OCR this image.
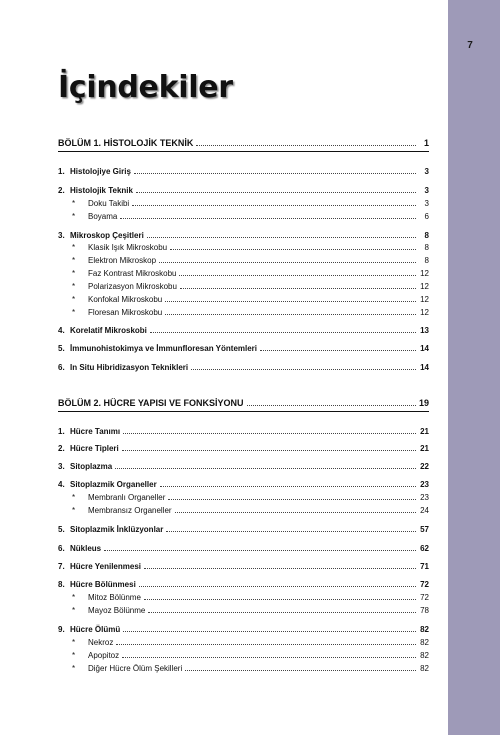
7
İçindekiler
BÖLÜM 1. HİSTOLOJİK TEKNİK	1
1. Histolojiye Giriş	3
2. Histolojik Teknik	3
*	Doku Takibi	3
*	Boyama	6
3. Mikroskop Çeşitleri	8
*	Klasik Işık Mikroskobu	8
*	Elektron Mikroskop	8
*	Faz Kontrast Mikroskobu	12
*	Polarizasyon Mikroskobu	12
*	Konfokal Mikroskobu	12
*	Floresan Mikroskobu	12
4. Korelatif Mikroskobi	13
5. İmmunohistokimya ve İmmunfloresan Yöntemleri	14
6. In Situ Hibridizasyon Teknikleri	14
BÖLÜM 2. HÜCRE YAPISI VE FONKSİYONU	19
1. Hücre Tanımı	21
2. Hücre Tipleri	21
3. Sitoplazma	22
4. Sitoplazmik Organeller	23
*	Membranlı Organeller	23
*	Membransız Organeller	24
5. Sitoplazmik İnklüzyonlar	57
6. Nükleus	62
7. Hücre Yenilenmesi	71
8. Hücre Bölünmesi	72
*	Mitoz Bölünme	72
*	Mayoz Bölünme	78
9. Hücre Ölümü	82
*	Nekroz	82
*	Apopitoz	82
*	Diğer Hücre Ölüm Şekilleri	82
